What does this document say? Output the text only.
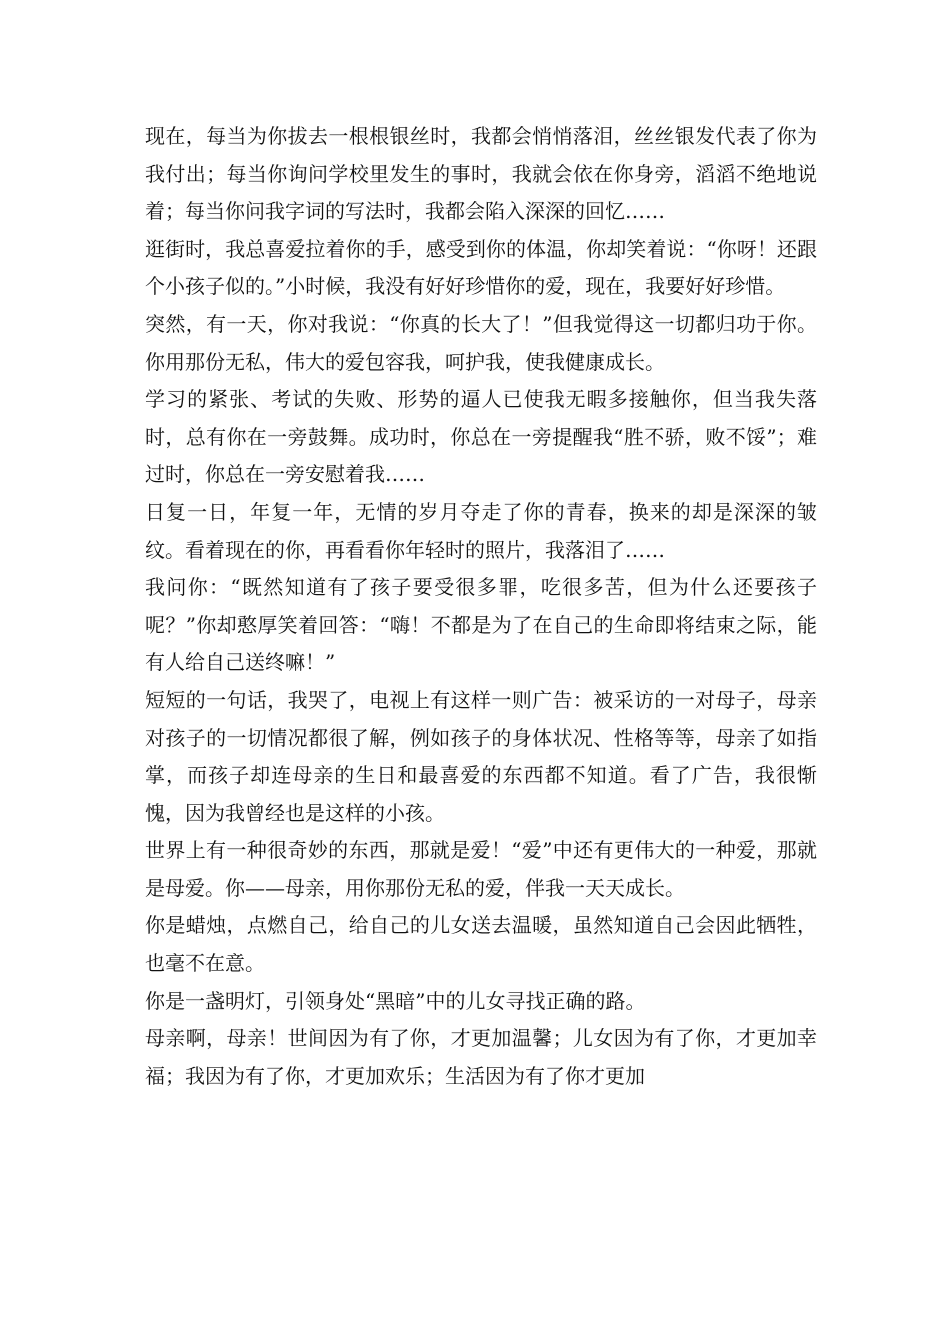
现在，每当为你拔去一根根银丝时，我都会悄悄落泪，丝丝银发代表了你为我付出；每当你询问学校里发生的事时，我就会依在你身旁，滔滔不绝地说着；每当你问我字词的写法时，我都会陷入深深的回忆……

逛街时，我总喜爱拉着你的手，感受到你的体温，你却笑着说：“你呀！还跟个小孩子似的。”小时候，我没有好好珍惜你的爱，现在，我要好好珍惜。

突然，有一天，你对我说：“你真的长大了！”但我觉得这一切都归功于你。你用那份无私，伟大的爱包容我，呵护我，使我健康成长。

学习的紧张、考试的失败、形势的逼人已使我无暇多接触你，但当我失落时，总有你在一旁鼓舞。成功时，你总在一旁提醒我“胜不骄，败不馁”；难过时，你总在一旁安慰着我……

日复一日，年复一年，无情的岁月夺走了你的青春，换来的却是深深的皱纹。看着现在的你，再看看你年轻时的照片，我落泪了……

我问你：“既然知道有了孩子要受很多罪，吃很多苦，但为什么还要孩子呢？”你却憨厚笑着回答：“嗨！不都是为了在自己的生命即将结束之际，能有人给自己送终嘛！”

短短的一句话，我哭了，电视上有这样一则广告：被采访的一对母子，母亲对孩子的一切情况都很了解，例如孩子的身体状况、性格等等，母亲了如指掌，而孩子却连母亲的生日和最喜爱的东西都不知道。看了广告，我很惭愧，因为我曾经也是这样的小孩。

世界上有一种很奇妙的东西，那就是爱！“爱”中还有更伟大的一种爱，那就是母爱。你——母亲，用你那份无私的爱，伴我一天天成长。

你是蜡烛，点燃自己，给自己的儿女送去温暖，虽然知道自己会因此牺牲，也毫不在意。

你是一盏明灯，引领身处“黑暗”中的儿女寻找正确的路。

母亲啊，母亲！世间因为有了你，才更加温馨；儿女因为有了你，才更加幸福；我因为有了你，才更加欢乐；生活因为有了你才更加
